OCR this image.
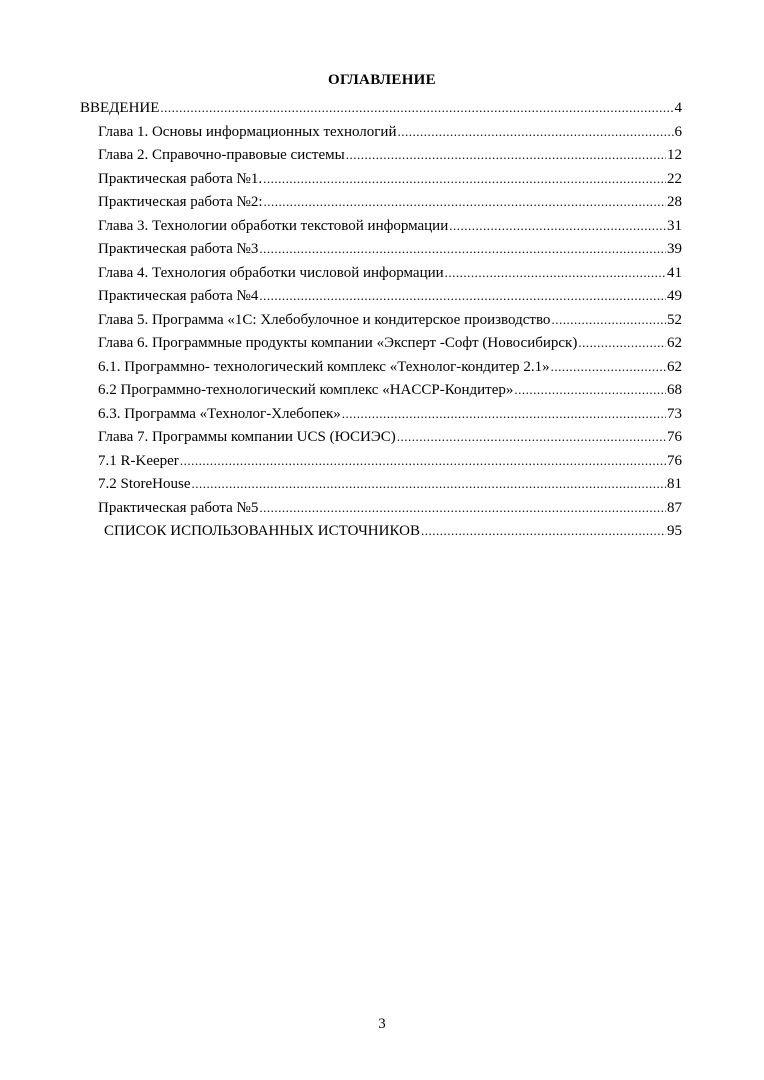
ОГЛАВЛЕНИЕ
ВВЕДЕНИЕ .....	4
Глава 1. Основы информационных технологий .....	6
Глава 2. Справочно-правовые системы .....	12
Практическая работа №1. .....	22
Практическая работа №2: .....	28
Глава 3. Технологии обработки текстовой информации .....	31
Практическая работа №3 .....	39
Глава 4. Технология обработки числовой информации .....	41
Практическая работа №4 .....	49
Глава 5. Программа «1С: Хлебобулочное и кондитерское производство .....	52
Глава 6. Программные продукты компании «Эксперт -Софт (Новосибирск) .....	62
6.1. Программно- технологический комплекс «Технолог-кондитер 2.1» .....	62
6.2 Программно-технологический комплекс «HACCP-Кондитер» .....	68
6.3. Программа «Технолог-Хлебопек» .....	73
Глава 7. Программы компании UCS (ЮСИЭС) .....	76
7.1 R-Keeper .....	76
7.2 StoreHouse .....	81
Практическая работа №5 .....	87
СПИСОК ИСПОЛЬЗОВАННЫХ ИСТОЧНИКОВ .....	95
3
